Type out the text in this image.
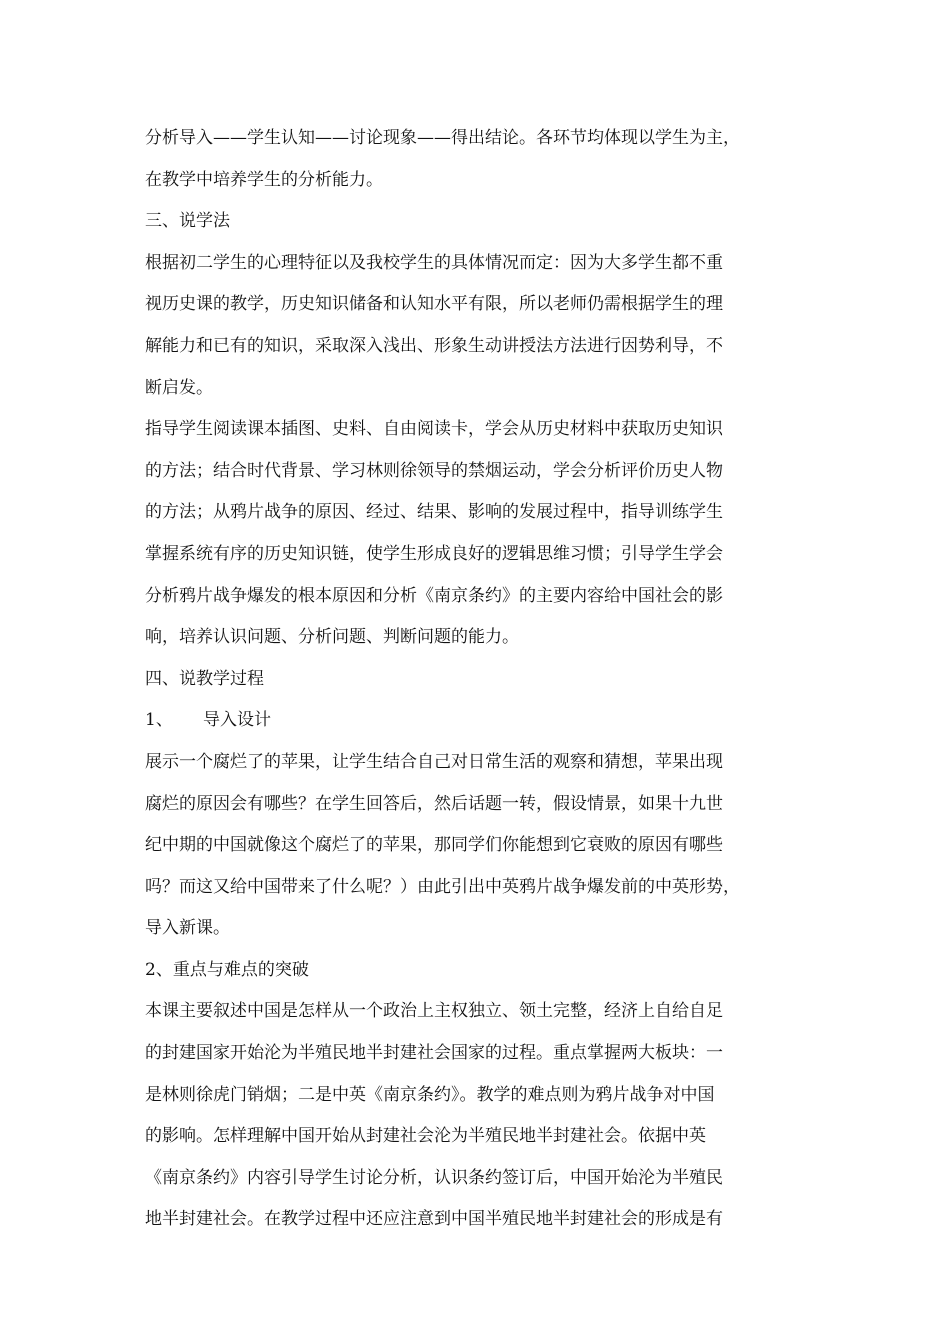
分析导入——学生认知——讨论现象——得出结论。各环节均体现以学生为主，
在教学中培养学生的分析能力。
三、说学法
根据初二学生的心理特征以及我校学生的具体情况而定：因为大多学生都不重
视历史课的教学，历史知识储备和认知水平有限，所以老师仍需根据学生的理
解能力和已有的知识，采取深入浅出、形象生动讲授法方法进行因势利导，不
断启发。
指导学生阅读课本插图、史料、自由阅读卡，学会从历史材料中获取历史知识
的方法；结合时代背景、学习林则徐领导的禁烟运动，学会分析评价历史人物
的方法；从鸦片战争的原因、经过、结果、影响的发展过程中，指导训练学生
掌握系统有序的历史知识链，使学生形成良好的逻辑思维习惯；引导学生学会
分析鸦片战争爆发的根本原因和分析《南京条约》的主要内容给中国社会的影
响，培养认识问题、分析问题、判断问题的能力。
四、说教学过程
1、 导入设计
展示一个腐烂了的苹果，让学生结合自己对日常生活的观察和猜想，苹果出现
腐烂的原因会有哪些？在学生回答后，然后话题一转，假设情景，如果十九世
纪中期的中国就像这个腐烂了的苹果，那同学们你能想到它衰败的原因有哪些
吗？而这又给中国带来了什么呢？）由此引出中英鸦片战争爆发前的中英形势，
导入新课。
2、重点与难点的突破
本课主要叙述中国是怎样从一个政治上主权独立、领土完整，经济上自给自足
的封建国家开始沦为半殖民地半封建社会国家的过程。重点掌握两大板块：一
是林则徐虎门销烟；二是中英《南京条约》。教学的难点则为鸦片战争对中国
的影响。怎样理解中国开始从封建社会沦为半殖民地半封建社会。依据中英
《南京条约》内容引导学生讨论分析，认识条约签订后，中国开始沦为半殖民
地半封建社会。在教学过程中还应注意到中国半殖民地半封建社会的形成是有
